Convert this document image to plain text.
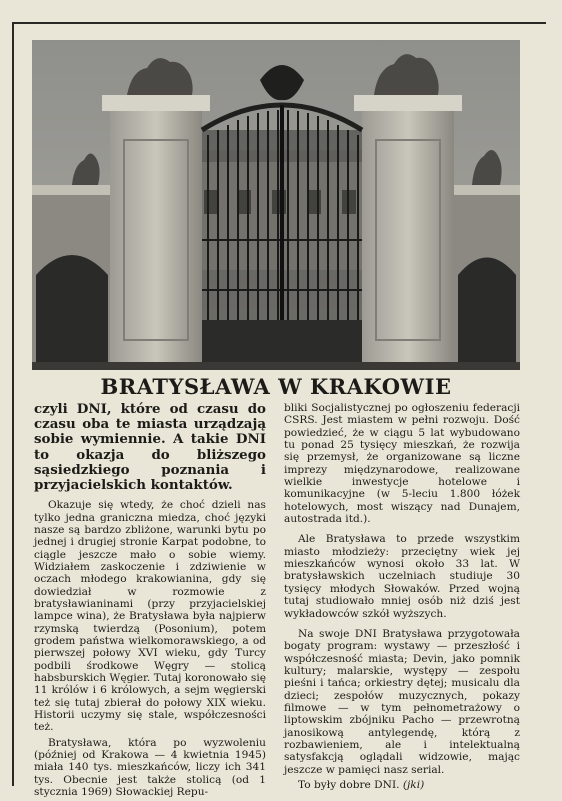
BRATYSŁAWA W KRAKOWIE

czyli DNI, które od czasu do czasu oba te miasta urządzają sobie wymiennie. A takie DNI to okazja do bliższego sąsiedzkiego poznania i przyjacielskich kontaktów.

Okazuje się wtedy, że choć dzieli nas tylko jedna graniczna miedza, choć języki nasze są bardzo zbliżone, warunki bytu po jednej i drugiej stronie Karpat podobne, to ciągle jeszcze mało o sobie wiemy. Widziałem zaskoczenie i zdziwienie w oczach młodego krakowianina, gdy się dowiedział w rozmowie z bratysławianinami (przy przyjacielskiej lampce wina), że Bratysława była najpierw rzymską twierdzą (Posonium), potem grodem państwa wielkomorawskiego, a od pierwszej połowy XVI wieku, gdy Turcy podbili środkowe Węgry — stolicą habsburskich Węgier. Tutaj koronowało się 11 królów i 6 królowych, a sejm węgierski też się tutaj zbierał do połowy XIX wieku. Historii uczymy się stale, współczesności też.

Bratysława, która po wyzwoleniu (później od Krakowa — 4 kwietnia 1945) miała 140 tys. mieszkańców, liczy ich 341 tys. Obecnie jest także stolicą (od 1 stycznia 1969) Słowackiej Repu-

bliki Socjalistycznej po ogłoszeniu federacji CSRS. Jest miastem w pełni rozwoju. Dość powiedzieć, że w ciągu 5 lat wybudowano tu ponad 25 tysięcy mieszkań, że rozwija się przemysł, że organizowane są liczne imprezy międzynarodowe, realizowane wielkie inwestycje hotelowe i komunikacyjne (w 5-leciu 1.800 łóżek hotelowych, most wiszący nad Dunajem, autostrada itd.).

Ale Bratysława to przede wszystkim miasto młodzieży: przeciętny wiek jej mieszkańców wynosi około 33 lat. W bratysławskich uczelniach studiuje 30 tysięcy młodych Słowaków. Przed wojną tutaj studiowało mniej osób niż dziś jest wykładowców szkół wyższych.

Na swoje DNI Bratysława przygotowała bogaty program: wystawy — przeszłość i współczesność miasta; Devin, jako pomnik kultury; malarskie, występy — zespołu pieśni i tańca; orkiestry dętej; musicalu dla dzieci; zespołów muzycznych, pokazy filmowe — w tym pełnometrażowy o liptowskim zbójniku Pacho — przewrotną janosikową antylegendę, którą z rozbawieniem, ale i intelektualną satysfakcją oglądali widzowie, mając jeszcze w pamięci nasz serial.

To były dobre DNI. (jki)
